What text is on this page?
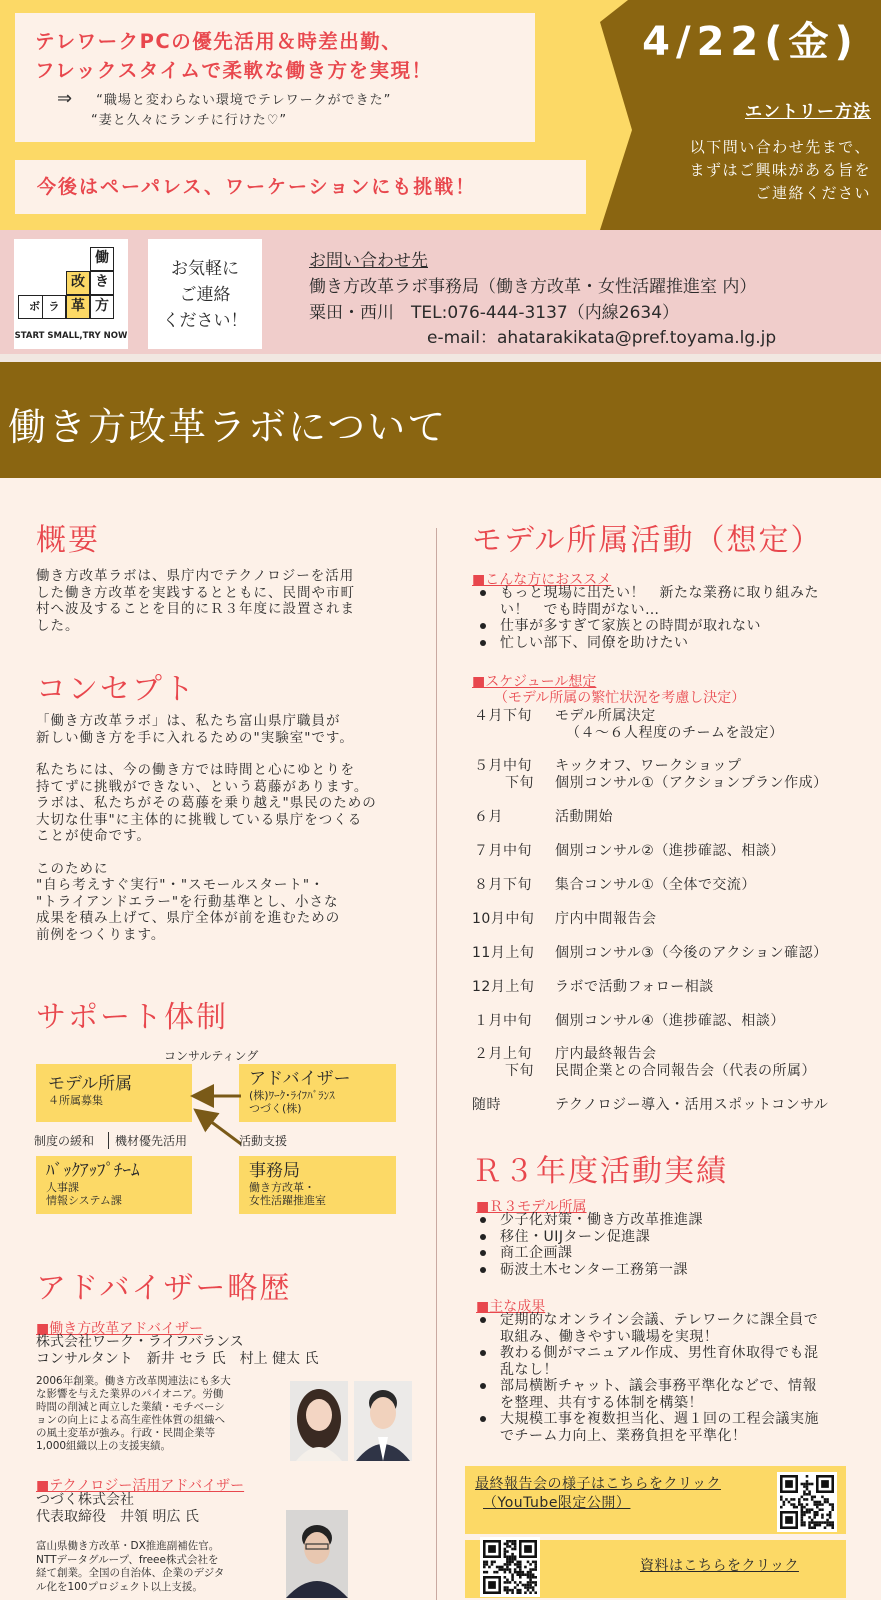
テレワークPCの優先活用＆時差出勤、
フレックスタイムで柔軟な働き方を実現！
⇒ “職場と変わらない環境でテレワークができた”
“妻と久々にランチに行けた♡”
今後はペーパレス、ワーケーションにも挑戦！
4/22(金)
エントリー方法
以下問い合わせ先まで、
まずはご興味がある旨を
ご連絡ください
働
き
改
ボ ラ 革 方
START SMALL,TRY NOW
お気軽に
ご連絡
ください！
お問い合わせ先
働き方改革ラボ事務局（働き方改革・女性活躍推進室 内）
粟田・西川　TEL:076-444-3137（内線2634）
e-mail：ahatarakikata@pref.toyama.lg.jp
働き方改革ラボについて
概要
働き方改革ラボは、県庁内でテクノロジーを活用
した働き方改革を実践するとともに、民間や市町
村へ波及することを目的にＲ３年度に設置されま
した。
コンセプト
「働き方改革ラボ」は、私たち富山県庁職員が
新しい働き方を手に入れるための"実験室"です。
私たちには、今の働き方では時間と心にゆとりを
持てずに挑戦ができない、という葛藤があります。
ラボは、私たちがその葛藤を乗り越え"県民のための
大切な仕事"に主体的に挑戦している県庁をつくる
ことが使命です。
このために
"自ら考えすぐ実行"・"スモールスタート"・
"トライアンドエラー"を行動基準とし、小さな
成果を積み上げて、県庁全体が前を進むための
前例をつくります。
サポート体制
コンサルティング
モデル所属
４所属募集
アドバイザー
(株)ﾜｰｸ･ﾗｲﾌﾊﾞﾗﾝｽ
つづく(株)
制度の緩和	機材優先活用	活動支援
ﾊﾞｯｸｱｯﾌﾟﾁｰﾑ
人事課
情報システム課
事務局
働き方改革・
女性活躍推進室
アドバイザー略歴
■働き方改革アドバイザー
株式会社ワーク・ライフバランス
コンサルタント　新井 セラ 氏　村上 健太 氏
2006年創業。働き方改革関連法にも多大
な影響を与えた業界のパイオニア。労働
時間の削減と両立した業績・モチベーシ
ョンの向上による高生産性体質の組織へ
の風土変革が強み。行政・民間企業等
1,000組織以上の支援実績。
■テクノロジー活用アドバイザー
つづく株式会社
代表取締役　井領 明広 氏
富山県働き方改革・DX推進副補佐官。
NTTデータグループ、freee株式会社を
経て創業。全国の自治体、企業のデジタ
ル化を100プロジェクト以上支援。
モデル所属活動（想定）
■こんな方におススメ
もっと現場に出たい！　新たな業務に取り組みた
い！　でも時間がない…
仕事が多すぎて家族との時間が取れない
忙しい部下、同僚を助けたい
■スケジュール想定
（モデル所属の繁忙状況を考慮し決定）
４月下旬 モデル所属決定
（４～６人程度のチームを設定）
５月中旬 キックオフ、ワークショップ
下旬 個別コンサル①（アクションプラン作成）
６月	活動開始
７月中旬 個別コンサル②（進捗確認、相談）
８月下旬 集合コンサル①（全体で交流）
10月中旬 庁内中間報告会
11月上旬 個別コンサル③（今後のアクション確認）
12月上旬 ラボで活動フォロー相談
１月中旬 個別コンサル④（進捗確認、相談）
２月上旬 庁内最終報告会
下旬 民間企業との合同報告会（代表の所属）
随時	テクノロジー導入・活用スポットコンサル
Ｒ３年度活動実績
■Ｒ３モデル所属
少子化対策・働き方改革推進課
移住・UIJターン促進課
商工企画課
砺波土木センター工務第一課
■主な成果
定期的なオンライン会議、テレワークに課全員で
取組み、働きやすい職場を実現！
教わる側がマニュアル作成、男性育休取得でも混
乱なし！
部局横断チャット、議会事務平準化などで、情報
を整理、共有する体制を構築！
大規模工事を複数担当化、週１回の工程会議実施
でチーム力向上、業務負担を平準化！
最終報告会の様子はこちらをクリック
（YouTube限定公開）
資料はこちらをクリック
